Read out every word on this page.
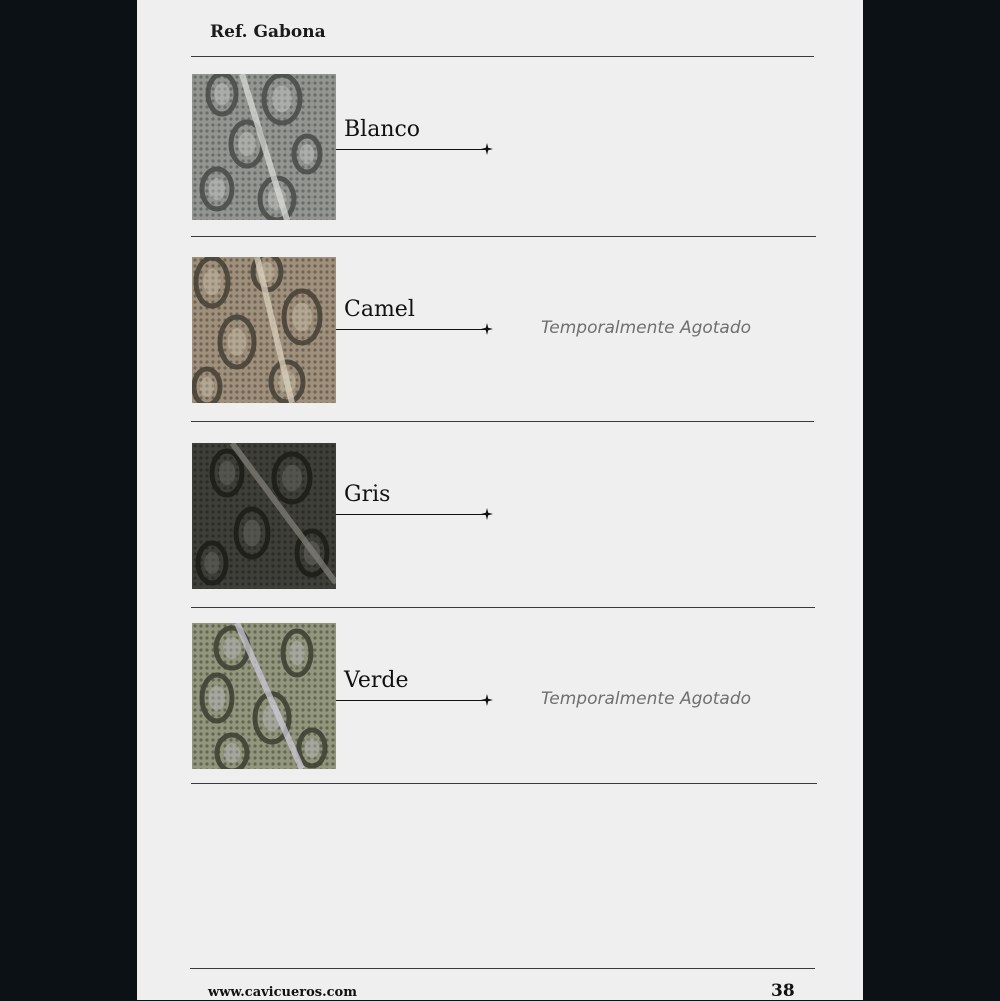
Ref. Gabona
Blanco
Camel
Temporalmente Agotado
Gris
Verde
Temporalmente Agotado
www.cavicueros.com	38
